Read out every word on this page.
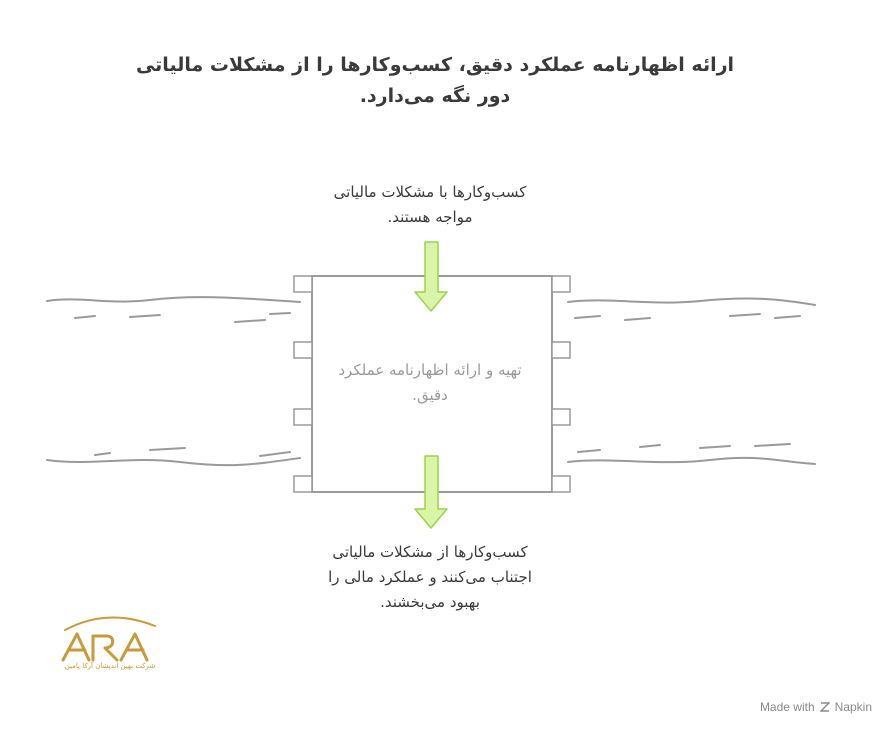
ارائه اظهارنامه عملکرد دقیق، کسب‌وکارها را از مشکلات مالیاتی دور نگه می‌دارد.
کسب‌وکارها با مشکلات مالیاتی مواجه هستند.
تهیه و ارائه اظهارنامه عملکرد دقیق.
کسب‌وکارها از مشکلات مالیاتی اجتناب می‌کنند و عملکرد مالی را بهبود می‌بخشند.
شرکت بهین اندیشان آرکا پامین
Made with Napkin
